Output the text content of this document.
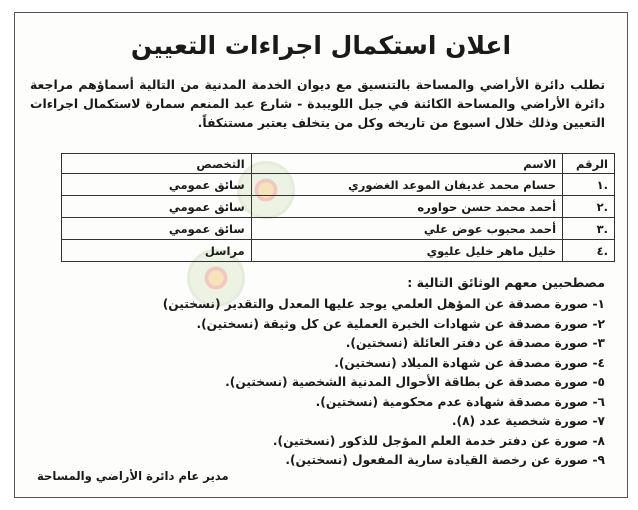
اعلان استكمال اجراءات التعيين

تطلب دائرة الأراضي والمساحة بالتنسيق مع ديوان الخدمة المدنية من التالية أسماؤهم مراجعة دائرة الأراضي والمساحة الكائنة في جبل اللويبدة - شارع عبد المنعم سمارة لاستكمال اجراءات التعيين وذلك خلال اسبوع من تاريخه وكل من يتخلف يعتبر مستنكفاً.

الرقم	الاسم	التخصص
.١	حسام محمد غديفان الموعد الغضوري	سائق عمومي
.٢	أحمد محمد حسن حواوره	سائق عمومي
.٣	أحمد محبوب عوض علي	سائق عمومي
.٤	خليل ماهر خليل عليوي	مراسل
مصطحبين معهم الوثائق التالية :
١- صورة مصدقة عن المؤهل العلمي يوجد عليها المعدل والتقدير (نسختين)
٢- صورة مصدقة عن شهادات الخبرة العملية عن كل وثيقة (نسختين).
٣- صورة مصدقة عن دفتر العائلة (نسختين).
٤- صورة مصدقة عن شهادة الميلاد (نسختين).
٥- صورة مصدقة عن بطاقة الأحوال المدنية الشخصية (نسختين).
٦- صورة مصدقة شهادة عدم محكومية (نسختين).
٧- صورة شخصية عدد (٨).
٨- صورة عن دفتر خدمة العلم المؤجل للذكور (نسختين).
٩- صورة عن رخصة القيادة سارية المفعول (نسختين).
مدير عام دائرة الأراضي والمساحة
